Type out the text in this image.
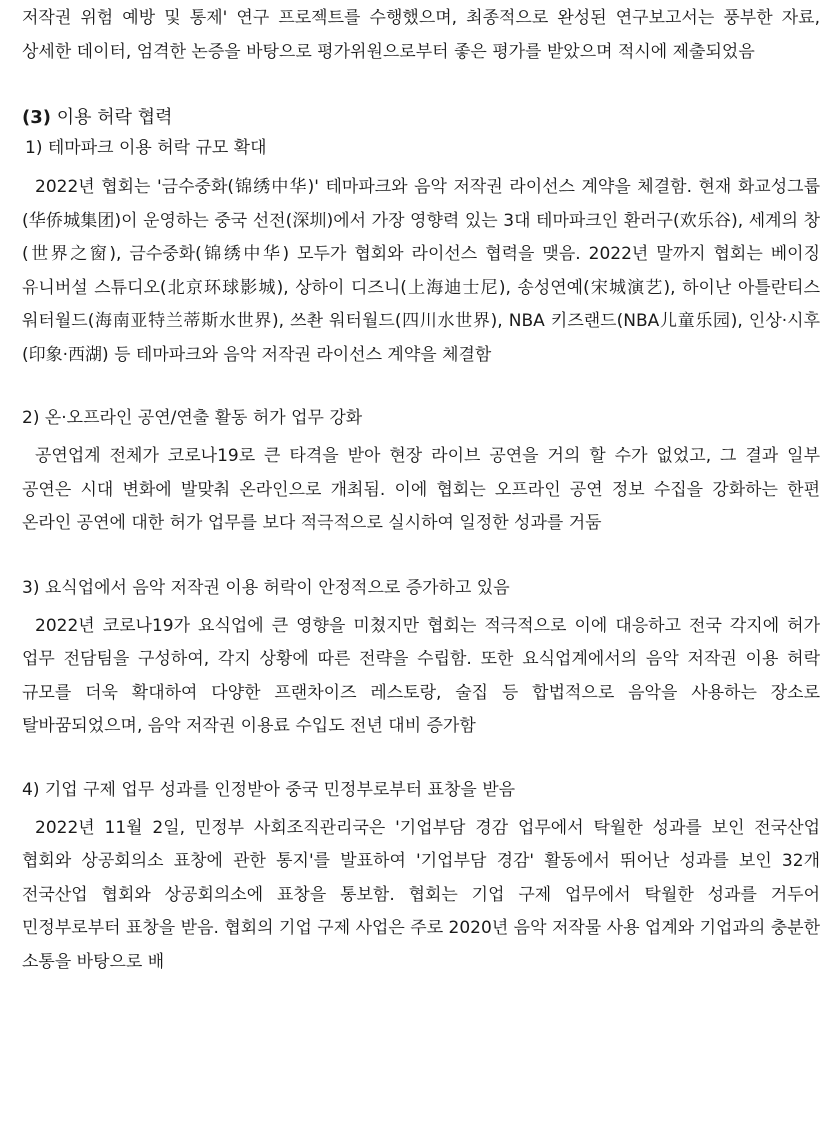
저작권 위험 예방 및 통제' 연구 프로젝트를 수행했으며, 최종적으로 완성된 연구보고서는 풍부한 자료, 상세한 데이터, 엄격한 논증을 바탕으로 평가위원으로부터 좋은 평가를 받았으며 적시에 제출되었음

(3) 이용 허락 협력

1) 테마파크 이용 허락 규모 확대

2022년 협회는 '금수중화(锦绣中华)' 테마파크와 음악 저작권 라이선스 계약을 체결함. 현재 화교성그룹(华侨城集团)이 운영하는 중국 선전(深圳)에서 가장 영향력 있는 3대 테마파크인 환러구(欢乐谷), 세계의 창(世界之窗), 금수중화(锦绣中华) 모두가 협회와 라이선스 협력을 맺음. 2022년 말까지 협회는 베이징 유니버설 스튜디오(北京环球影城), 상하이 디즈니(上海迪士尼), 송성연예(宋城演艺), 하이난 아틀란티스 워터월드(海南亚特兰蒂斯水世界), 쓰촨 워터월드(四川水世界), NBA 키즈랜드(NBA儿童乐园), 인상·시후(印象·西湖) 등 테마파크와 음악 저작권 라이선스 계약을 체결함

2) 온·오프라인 공연/연출 활동 허가 업무 강화

공연업계 전체가 코로나19로 큰 타격을 받아 현장 라이브 공연을 거의 할 수가 없었고, 그 결과 일부 공연은 시대 변화에 발맞춰 온라인으로 개최됨. 이에 협회는 오프라인 공연 정보 수집을 강화하는 한편 온라인 공연에 대한 허가 업무를 보다 적극적으로 실시하여 일정한 성과를 거둠

3) 요식업에서 음악 저작권 이용 허락이 안정적으로 증가하고 있음

2022년 코로나19가 요식업에 큰 영향을 미쳤지만 협회는 적극적으로 이에 대응하고 전국 각지에 허가 업무 전담팀을 구성하여, 각지 상황에 따른 전략을 수립함. 또한 요식업계에서의 음악 저작권 이용 허락 규모를 더욱 확대하여 다양한 프랜차이즈 레스토랑, 술집 등 합법적으로 음악을 사용하는 장소로 탈바꿈되었으며, 음악 저작권 이용료 수입도 전년 대비 증가함

4) 기업 구제 업무 성과를 인정받아 중국 민정부로부터 표창을 받음

2022년 11월 2일, 민정부 사회조직관리국은 '기업부담 경감 업무에서 탁월한 성과를 보인 전국산업 협회와 상공회의소 표창에 관한 통지'를 발표하여 '기업부담 경감' 활동에서 뛰어난 성과를 보인 32개 전국산업 협회와 상공회의소에 표창을 통보함. 협회는 기업 구제 업무에서 탁월한 성과를 거두어 민정부로부터 표창을 받음. 협회의 기업 구제 사업은 주로 2020년 음악 저작물 사용 업계와 기업과의 충분한 소통을 바탕으로 배
